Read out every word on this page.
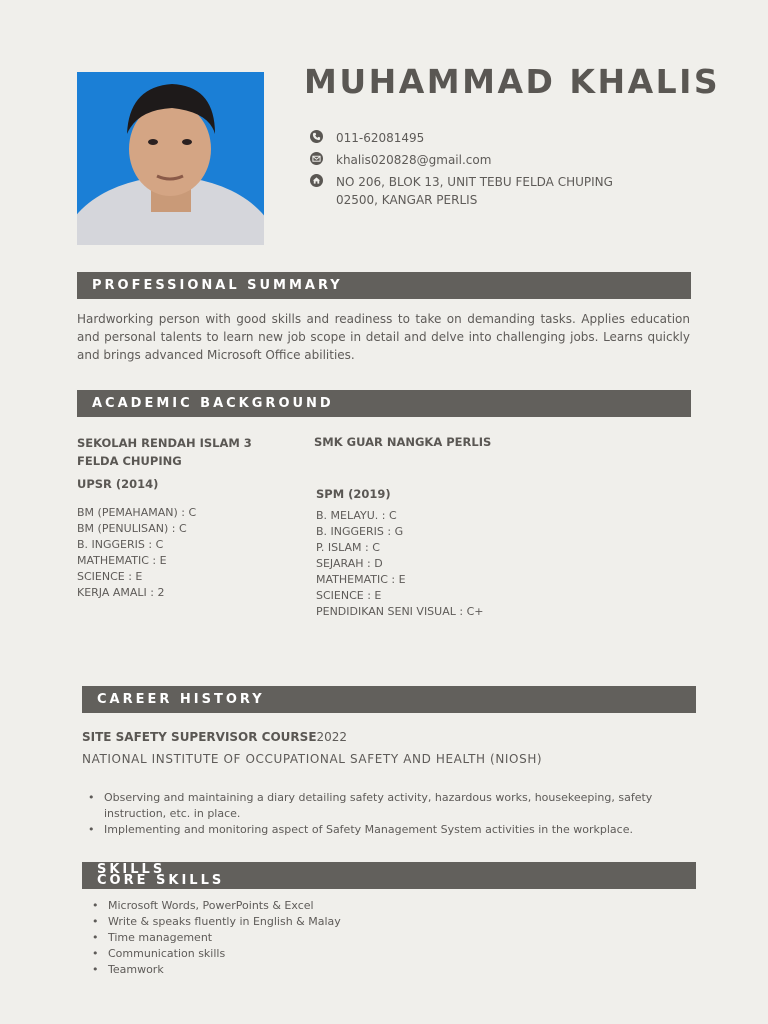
MUHAMMAD KHALIS
011-62081495
khalis020828@gmail.com
NO 206, BLOK 13, UNIT TEBU FELDA CHUPING
02500, KANGAR PERLIS
PROFESSIONAL SUMMARY
Hardworking person with good skills and readiness to take on demanding tasks. Applies education and personal talents to learn new job scope in detail and delve into challenging jobs. Learns quickly and brings advanced Microsoft Office abilities.
ACADEMIC BACKGROUND
SEKOLAH RENDAH ISLAM 3
FELDA CHUPING
UPSR (2014)
BM (PEMAHAMAN) : C
BM (PENULISAN) : C
B. INGGERIS : C
MATHEMATIC : E
SCIENCE : E
KERJA AMALI : 2
SMK GUAR NANGKA PERLIS
SPM (2019)
B. MELAYU. : C
B. INGGERIS : G
P. ISLAM : C
SEJARAH : D
MATHEMATIC : E
SCIENCE : E
PENDIDIKAN SENI VISUAL : C+
CAREER HISTORY
SITE SAFETY SUPERVISOR COURSE2022
NATIONAL INSTITUTE OF OCCUPATIONAL SAFETY AND HEALTH (NIOSH)
• Observing and maintaining a diary detailing safety activity, hazardous works, housekeeping, safety instruction, etc. in place.
• Implementing and monitoring aspect of Safety Management System activities in the workplace.
SKILLS
CORE SKILLS
• Microsoft Words, PowerPoints & Excel
• Write & speaks fluently in English & Malay
• Time management
• Communication skills
• Teamwork
